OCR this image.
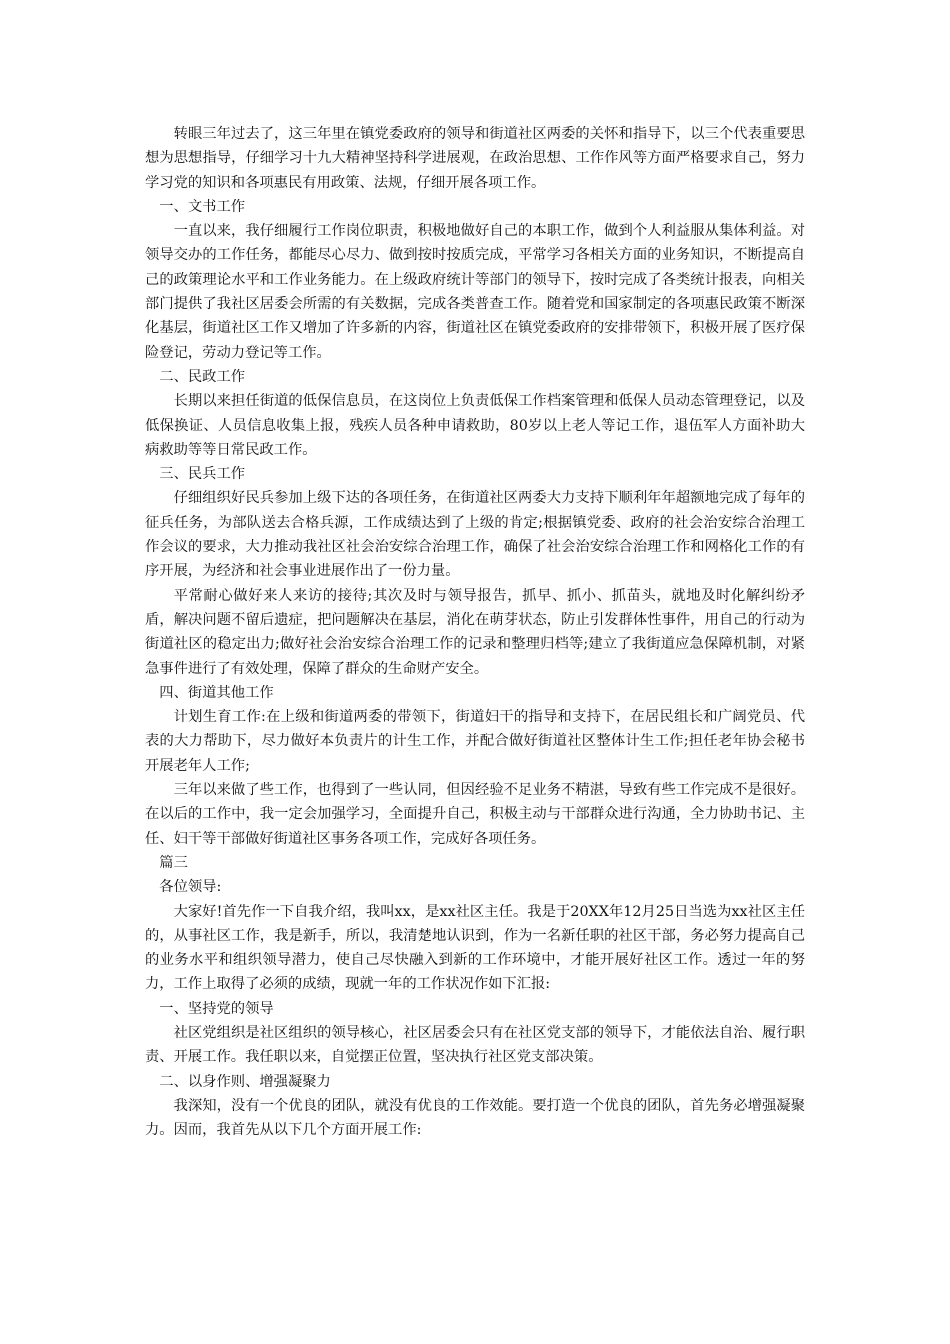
转眼三年过去了，这三年里在镇党委政府的领导和街道社区两委的关怀和指导下，以三个代表重要思想为思想指导，仔细学习十九大精神坚持科学进展观，在政治思想、工作作风等方面严格要求自己，努力学习党的知识和各项惠民有用政策、法规，仔细开展各项工作。

一、文书工作

一直以来，我仔细履行工作岗位职责，积极地做好自己的本职工作，做到个人利益服从集体利益。对领导交办的工作任务，都能尽心尽力、做到按时按质完成，平常学习各相关方面的业务知识，不断提高自己的政策理论水平和工作业务能力。在上级政府统计等部门的领导下，按时完成了各类统计报表，向相关部门提供了我社区居委会所需的有关数据，完成各类普查工作。随着党和国家制定的各项惠民政策不断深化基层，街道社区工作又增加了许多新的内容，街道社区在镇党委政府的安排带领下，积极开展了医疗保险登记，劳动力登记等工作。

二、民政工作

长期以来担任街道的低保信息员，在这岗位上负责低保工作档案管理和低保人员动态管理登记，以及低保换证、人员信息收集上报，残疾人员各种申请救助，80岁以上老人等记工作，退伍军人方面补助大病救助等等日常民政工作。

三、民兵工作

仔细组织好民兵参加上级下达的各项任务，在街道社区两委大力支持下顺利年年超额地完成了每年的征兵任务，为部队送去合格兵源，工作成绩达到了上级的肯定;根据镇党委、政府的社会治安综合治理工作会议的要求，大力推动我社区社会治安综合治理工作，确保了社会治安综合治理工作和网格化工作的有序开展，为经济和社会事业进展作出了一份力量。

平常耐心做好来人来访的接待;其次及时与领导报告，抓早、抓小、抓苗头，就地及时化解纠纷矛盾，解决问题不留后遗症，把问题解决在基层，消化在萌芽状态，防止引发群体性事件，用自己的行动为街道社区的稳定出力;做好社会治安综合治理工作的记录和整理归档等;建立了我街道应急保障机制，对紧急事件进行了有效处理，保障了群众的生命财产安全。

四、街道其他工作

计划生育工作:在上级和街道两委的带领下，街道妇干的指导和支持下，在居民组长和广阔党员、代表的大力帮助下，尽力做好本负责片的计生工作，并配合做好街道社区整体计生工作;担任老年协会秘书开展老年人工作;

三年以来做了些工作，也得到了一些认同，但因经验不足业务不精湛，导致有些工作完成不是很好。在以后的工作中，我一定会加强学习，全面提升自己，积极主动与干部群众进行沟通，全力协助书记、主任、妇干等干部做好街道社区事务各项工作，完成好各项任务。

篇三

各位领导:

大家好!首先作一下自我介绍，我叫xx，是xx社区主任。我是于20XX年12月25日当选为xx社区主任的，从事社区工作，我是新手，所以，我清楚地认识到，作为一名新任职的社区干部，务必努力提高自己的业务水平和组织领导潜力，使自己尽快融入到新的工作环境中，才能开展好社区工作。透过一年的努力，工作上取得了必须的成绩，现就一年的工作状况作如下汇报:

一、坚持党的领导

社区党组织是社区组织的领导核心，社区居委会只有在社区党支部的领导下，才能依法自治、履行职责、开展工作。我任职以来，自觉摆正位置，坚决执行社区党支部决策。

二、以身作则、增强凝聚力

我深知，没有一个优良的团队，就没有优良的工作效能。要打造一个优良的团队，首先务必增强凝聚力。因而，我首先从以下几个方面开展工作:
